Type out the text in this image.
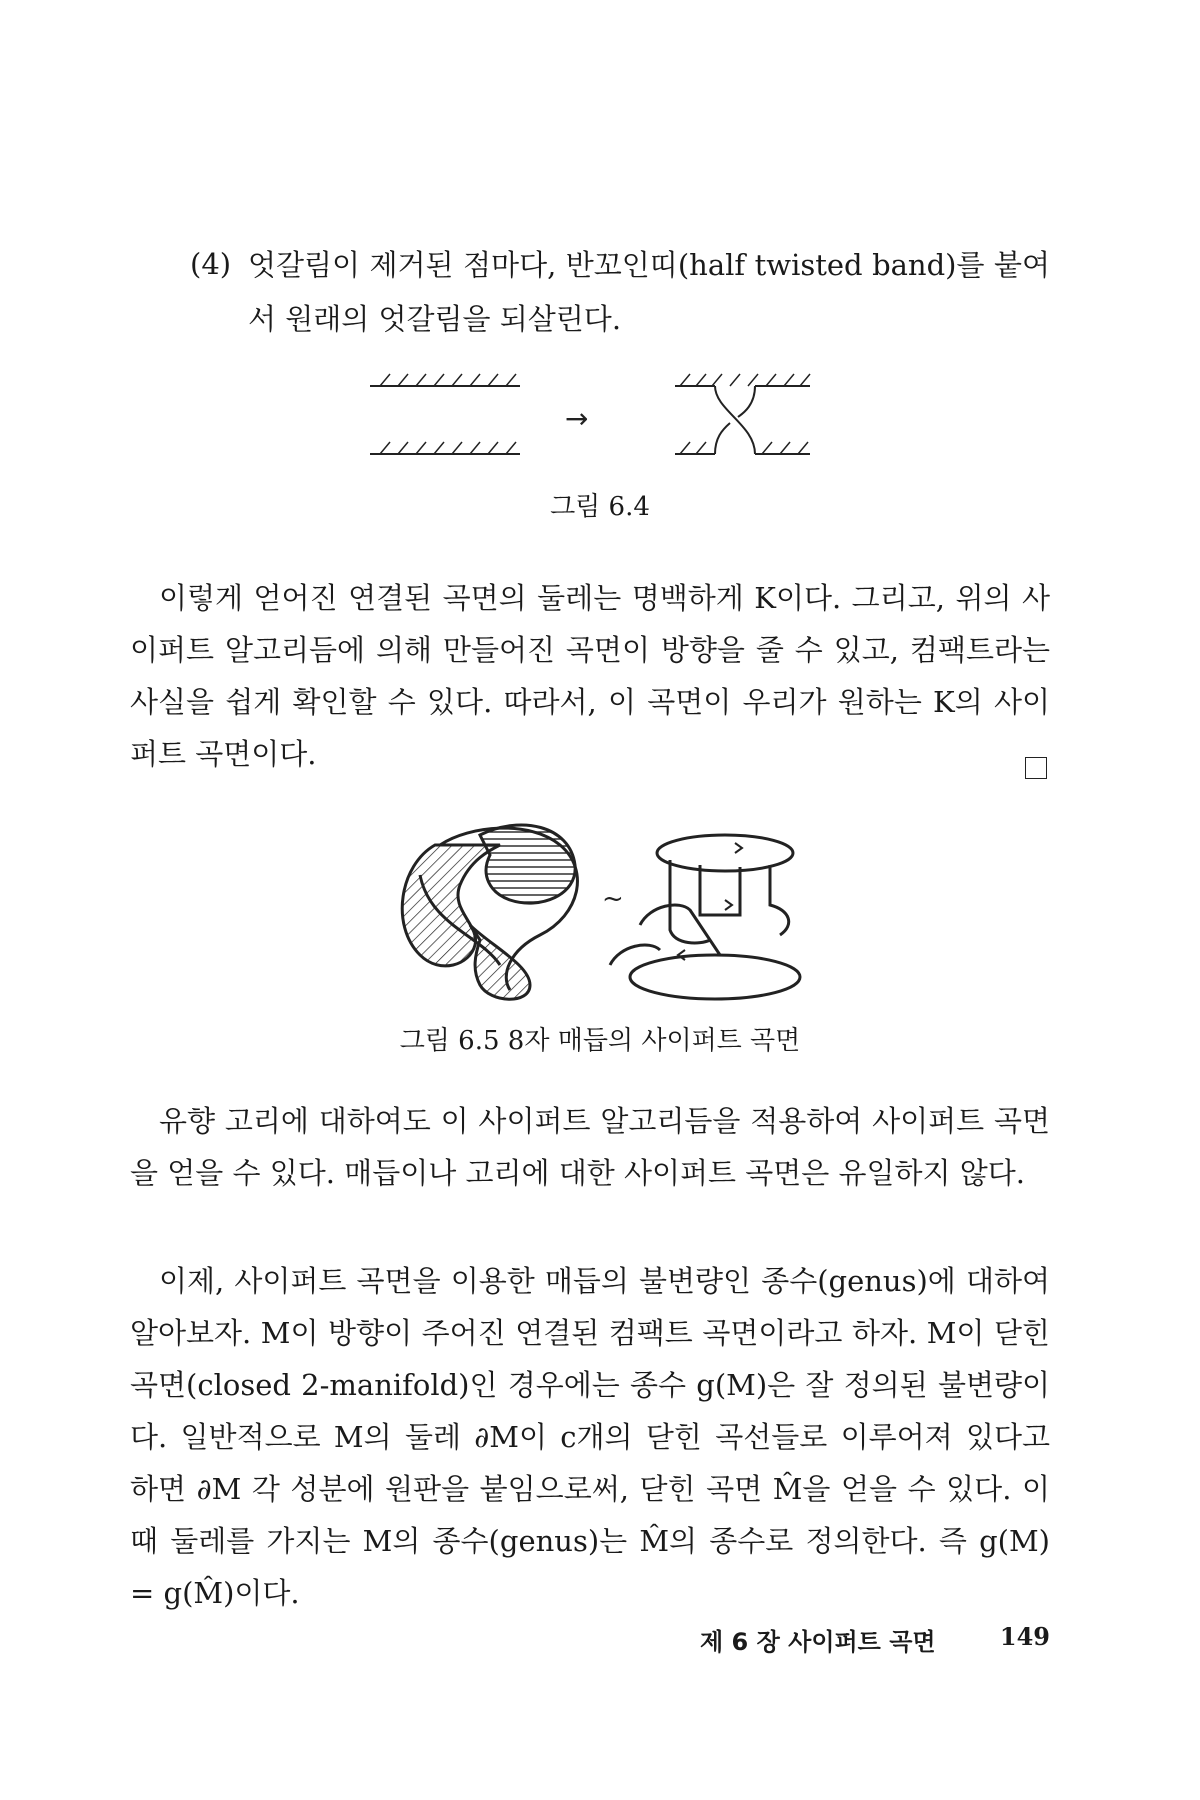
(4) 엇갈림이 제거된 점마다, 반꼬인띠(half twisted band)를 붙여서 원래의 엇갈림을 되살린다.
→
그림 6.4
이렇게 얻어진 연결된 곡면의 둘레는 명백하게 K이다. 그리고, 위의 사이퍼트 알고리듬에 의해 만들어진 곡면이 방향을 줄 수 있고, 컴팩트라는 사실을 쉽게 확인할 수 있다. 따라서, 이 곡면이 우리가 원하는 K의 사이퍼트 곡면이다.
~
그림 6.5 8자 매듭의 사이퍼트 곡면
유향 고리에 대하여도 이 사이퍼트 알고리듬을 적용하여 사이퍼트 곡면을 얻을 수 있다. 매듭이나 고리에 대한 사이퍼트 곡면은 유일하지 않다.
이제, 사이퍼트 곡면을 이용한 매듭의 불변량인 종수(genus)에 대하여 알아보자. M이 방향이 주어진 연결된 컴팩트 곡면이라고 하자. M이 닫힌 곡면(closed 2-manifold)인 경우에는 종수 g(M)은 잘 정의된 불변량이다. 일반적으로 M의 둘레 ∂M이 c개의 닫힌 곡선들로 이루어져 있다고 하면 ∂M 각 성분에 원판을 붙임으로써, 닫힌 곡면 M̂을 얻을 수 있다. 이때 둘레를 가지는 M의 종수(genus)는 M̂의 종수로 정의한다. 즉 g(M) = g(M̂)이다.
제 6 장 사이퍼트 곡면	149
